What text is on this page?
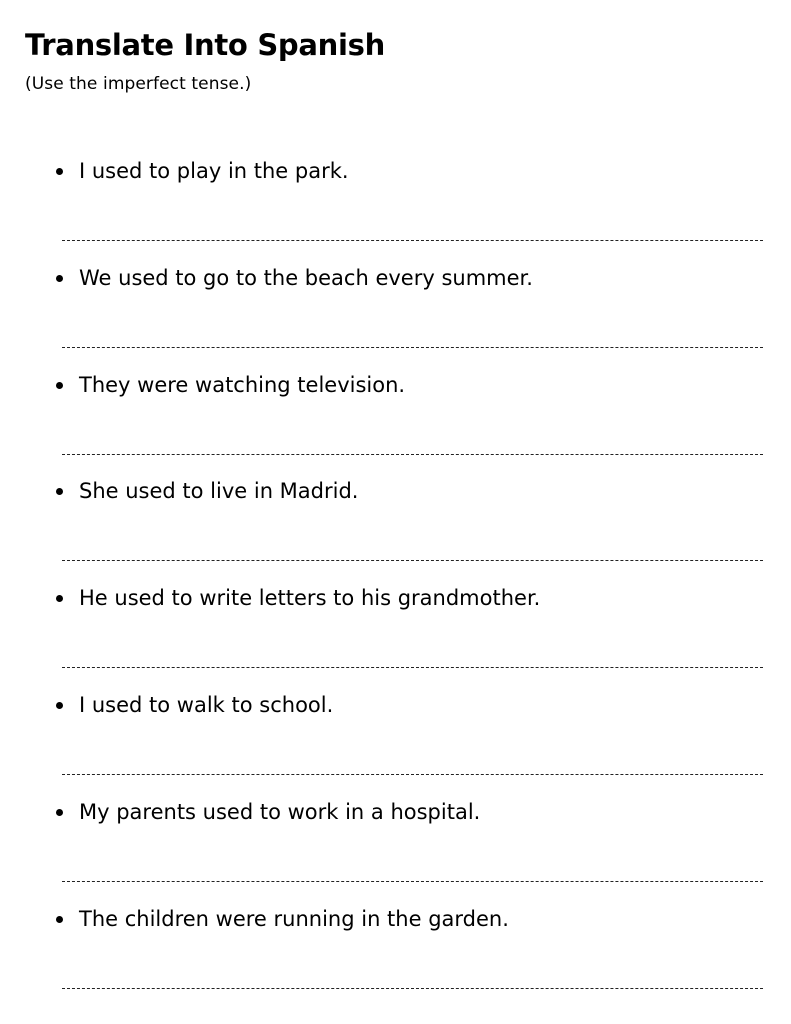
Translate Into Spanish

(Use the imperfect tense.)

I used to play in the park.
We used to go to the beach every summer.
They were watching television.
She used to live in Madrid.
He used to write letters to his grandmother.
I used to walk to school.
My parents used to work in a hospital.
The children were running in the garden.
